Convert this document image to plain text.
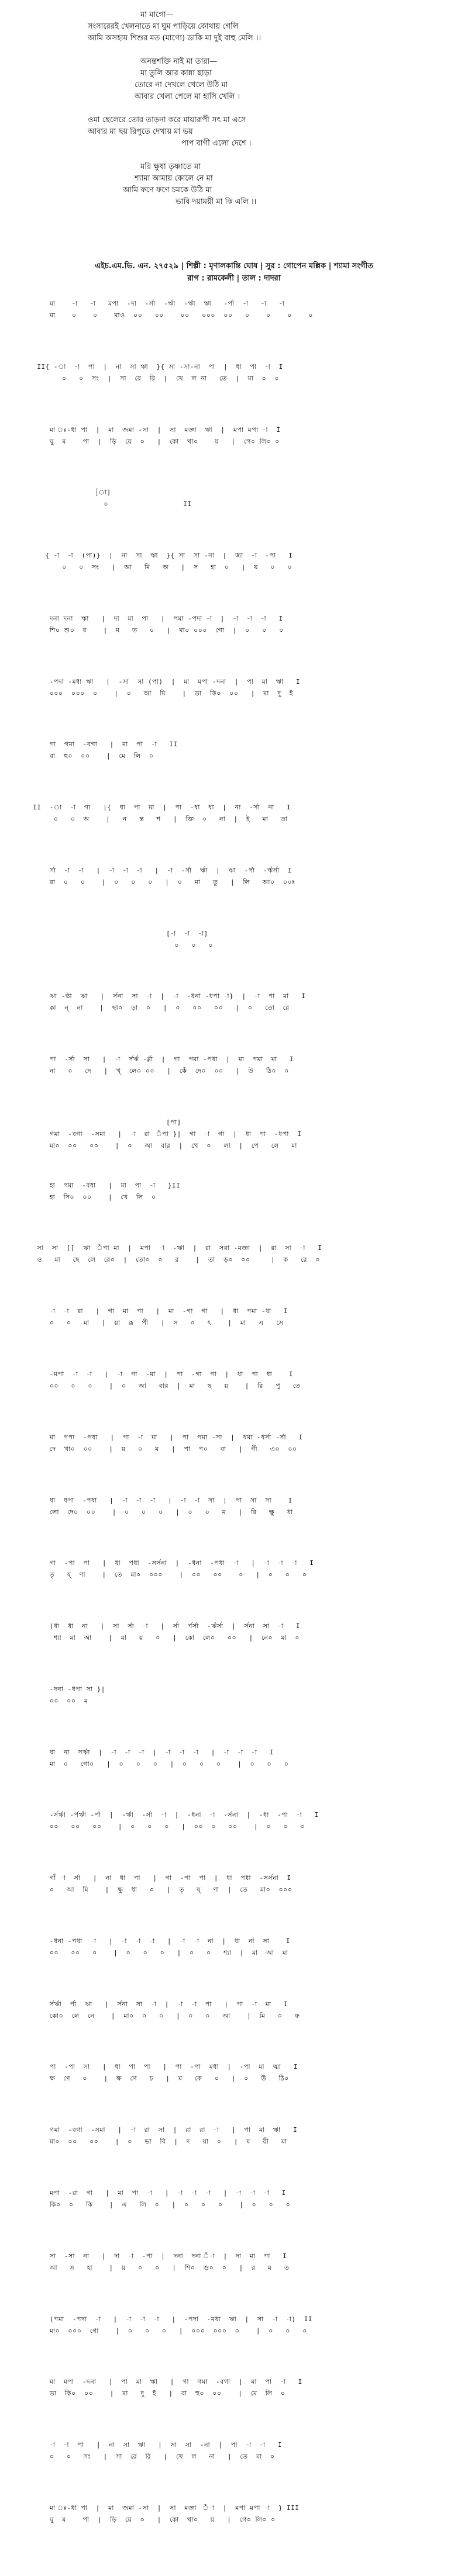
মা মাগো—
সংসারেরই খেলনাতে মা ঘুম পাড়িয়ে কোথায় গেলি
আমি অসহায় শিশুর মত (মাগো) ডাকি মা দুই বাহু মেলি ।।
অনন্তশক্তি নাই মা তারা—
মা তুলি আর কান্না ছাড়া
তোরে না দেখলে খেলে উঠি মা
আবার খেলা পেলে মা হাসি খেলি ।
ওমা ছেলেরে তোর তাড়না করে মায়ারূপী সৎ মা এসে
আবার মা ছয় রিপুতে দেখায় মা ভয়
পাপ বাগী এলো দেশে ।
মরি ক্ষুধা তৃষ্ণাতে মা
শ্যামা আমায় কোলে নে মা
আমি ফণে ফণে চমকে উঠি মা
ভাবি দয়াময়ী মা কি এলি ।।
এইচ.এম.ভি. এন. ২৭৫২৯ | শিল্পী : মৃণালকান্তি ঘোষ | সুর : গোপেন মল্লিক | শ্যামা সংগীত
রাগ : রামকেলী | তাল : দাদরা
মা    -া   -া   মপা  -দা  -র্সা  -র্ঋা  -র্ঋা  ঋা   -র্পা  -া   -া   -া
মা    ০    ০    মাও  ০০   ০০    ০০   ০০০  ০০   ০    ০    ০    ০
II{ -া  -া  পা  |  না  সা ঋা  }{ সা -সা-না  পা  |  ধা  পা  -া  I
০   ০  সং  |  সা  রে  রি  |  খে  ল না   তে  |  মা  ০  ০
মা ঃ-ধা পা  |  মা  জমা -সা  |  সা  মজ্ঞা  ঋা  |  মপা মপা -া  I
ঘু  ম    পা  |  ড়ি  য়ে  ০   |  কো  থা০    য়   |  গে০ লি০ ০
[া]
০                  II
{ -া  -া  (পা)}  |  না  সা  ঋা  }{ সা  সা -না  |  জা  -া  -পা   I
০   ০  সং   |  আ   মি   অ   |  স   হা  ০   |  য়   ০   ০
দনা দনা  ঋা   |  দা  মা  পা   |  পমা -পদা -া  |  -া  -া  -া   I
শি০ শু০  র    |  ম   ত   ০   |  মা০ ০০০  গো  |  ০   ০   ০
-পদা -মধা ঋা   |  -সা  সা (পা)  |  মা  মপা -দনা  |  পা  মা  ঋা   I
০০০  ০০০  ০    |  ০   আ  মি    |  ডা  কি০  ০০   |  মা  দু  ই
গা  গমা  -বগা   |  মা  পা  -া   II
বা  হু০  ০০    |  মে  লি  ০
II  -া  -া  গা   |{  ধা  পা  মা  |  পা  -ধা  ধা  |  না  -র্সা  না   I
০   ০  অ    |   ন   ন্ত   শ   |  ক্তি  ০   না  |  ই   মা   তা
র্সা  -া  -া   |  -া  -া  -া   |  -া  -র্সা  র্ঋা  |  ঋা  -র্পা  -র্ঋর্সা  I
রা  ০   ০    |  ০   ০   ০   |  ০   মা   তু   |  লি   আ০  ০০ঃ
[-া  -া  -া]
০   ০   ০
ঋা -ণ্ঠা  ঋা   |  র্সনা  সা  -া  |  -া  -ধনা -ধপা -া}  |  -া  পা  মা   I
কা  ন্  না    |  ছা০  ড়া  ০   |  ০   ০০   ০০   |  ০   তো  রে
পা  -র্সা  সা   |  -া  র্সর্ঋ -র্গ্গা  |  গা  পমা -পধা  |  মা  পমা  মা   I
না   ০   দে   |  খ্  লে০ ০০   |  কেঁ  দে০  ০০   |  উ   ঠি০  ০
[পা]
গমা  -বগা  -সমা   |  -া  রা  ঁপা }|  গা  -া  গা  |  ধা  পা  -ধপা  I
মা০  ০০   ০০    |  ০   আ  বার  |  খে  ০   লা  |  পে   লে   মা
হা  গমা  -বধা   |  মা  পা  -া   }II
হা  সি০  ০০    |  খে  লি  ০
সা  সা  []  ঋা  ঁপা মা  |  মপা  -া  -ঋা  |  রা  সরা -মজ্ঞা  |  রা  সা  -া   I
ও   মা   ছে  লে  রে০  |  তো০  ০   র    |  তা  ড়০  ০০     |  ক   রে  ০
-া  -া  রা   |  গা  মা  পা   |  মা  -গা  গা   |  ধা  পমা -ধা   I
০   ০   মা   |  য়া  রূ  পী   |  স   ০   ৎ    |  মা   এ   সে
-মপা  -া  -া   |  -া  পা  -মা  |  পা  -গা  গা  |  ধা  পা  ধা    I
০০   ০   ০    |  ০   আ   বার  |  মা   ছ   য়    |  রি   পু   তে
মা  পপা  -পধা   |  পা  -া  মা   |  পা  পমা -সা  |  ধমা -ধর্সা -র্সা   I
দে  খা০  ০০    |  য়   ০   ম   |  পা  প০   বা   |  গী   এ০  ০০
ধা  ধপা  -পধা   |  -া  -া  -া   |  -া  -া  সা  |  পা  সা  সা    I
লো  দে০  ০০    |  ০   ০   ০   |  ০   ০   ম   |  রি   ক্ষু   ধা
গা  -পা  পা   |  ধা  পধা  -সর্সনা  |  -ধনা  -পধা  -া   |  -া  -া  -া   I
তৃ   ষ্  ণা    |  তে  মা০  ০০০    |  ০০   ০০    ০   |  ০   ০   ০
(ধা  ধা  না   |  সা  র্সা  -া   |  র্সা  র্পর্সা  -র্ঋর্সা  |  র্সনা  সা  -া   I
শ্যা  মা  আ    |  মা   য়   ০   |  কো  লে০   ০০   |  নে০  মা  ০
-দনা -ধপা সা }|
০০  ০০  ম
ধা  না  সর্ঋা  |  -া  -া  -া  |  -া  -া  -া   |  -া  -া  -া   I
মা  ০   গো০   |  ০   ০   ০   |  ০   ০   ০    |  ০   ০   ০
-র্সর্ঋা -র্পর্ঋা -র্পা  |  -র্ঋা  -র্সা  -া  |  -ধনা  -া  -র্সনা  |  -ধা  -পা  -া   I
০০   ০০   ০০    |  ০   ০   ০   |  ০০  ০   ০০    |  ০   ০   ০
গাঁ -া  র্সা   |  না  ধা  পা   |  গা  -পা  পা  |  ধা  পধা  -সর্সনা  I
০   আ  মি    |  ক্ষু  ধা   ০   |  তৃ   ষ্   ণা  |  তে   মা০  ০০০
-ধনা -পধা  -া   |  -া  -া  -া   |  -া  -া  না  |  ধা  না  সা    I
০০   ০০   ০    |  ০   ০   ০   |  ০   ০   শ্যা  |  মা  আ  মা
র্সর্ঋা  র্পা  ঋা   |  র্সনা  সা  -া  |  -া  -া  পা   |  পা  -া  মা   I
কো০  লে  নে    |  মা০  ০   ০   |  ০   ০   আ    |  মি   ০   ফ
পা  -পা  সা   |  ধা  পা  পা   |  পা  -পা  মধা  |  -পা  মা  ত্মা   I
ক্ষ  ণে   ০    |  ক্ষ  ণে   চ   |  ম   কে   ০   |  ০   উ   ঠি০
গমা  -বগা  -সমা   |  -া  রা  সা  |  রা  রা  -া   |  পা  মা  ঋা   I
মা০  ০০   ০০    |  ০   ভা  বি  |  দ   য়া  ০   |  ম   য়ী   মা
মপা  -রা  গা   |  মা  পা  -া   |  -া  -া  -া   |  -া  -া  -া   I
কি০  ০   কি    |  এ   লি  ০   |  ০   ০   ০    |  ০   ০   ০
সা  -সা  না   |  দা  -া  -পা  |  দনা  দনা ঁ-া  |  দা  মা  পা   I
আ   স   হা    |  য়   ০   ০   |  শি০  শু০  ০   |  র   ম   ত
(পমা  -পদা  -া   |  -া  -া  -া   |  -পদা  -মধা  ঋা  |  সা  -া  -া)  II
মা০  ০০০  গো    |  ০   ০   ০   |  ০০০  ০০০  ০    |  ০   ০   ০
মা  মপা  -দনা   |  পা  মা  ঋা   |  গা  গমা  -বগা  |  মা  পা  -া   I
ডা  কি০  ০০    |  মা   দু  ই   |  বা  হু০  ০০    |  মে  লি  ০
-া  -া  পা   |  না  সা  ঋা   |  সা  সা  -না  |  পা  -া  -া   I
০   ০   সং   |  সা  রে  রি   |  খে  ল   না   |  তে  মা  ০
মা ঃ-ধা পা  |  মা  জমা -সা  |  সা  মজ্ঞা  ঁ-া  |  মপা মপা -া  } III
ঘু  ম    পা  |  ড়ি  য়ে  ০   |  কো  থা০   য়   |  গে০ লি০ ০
